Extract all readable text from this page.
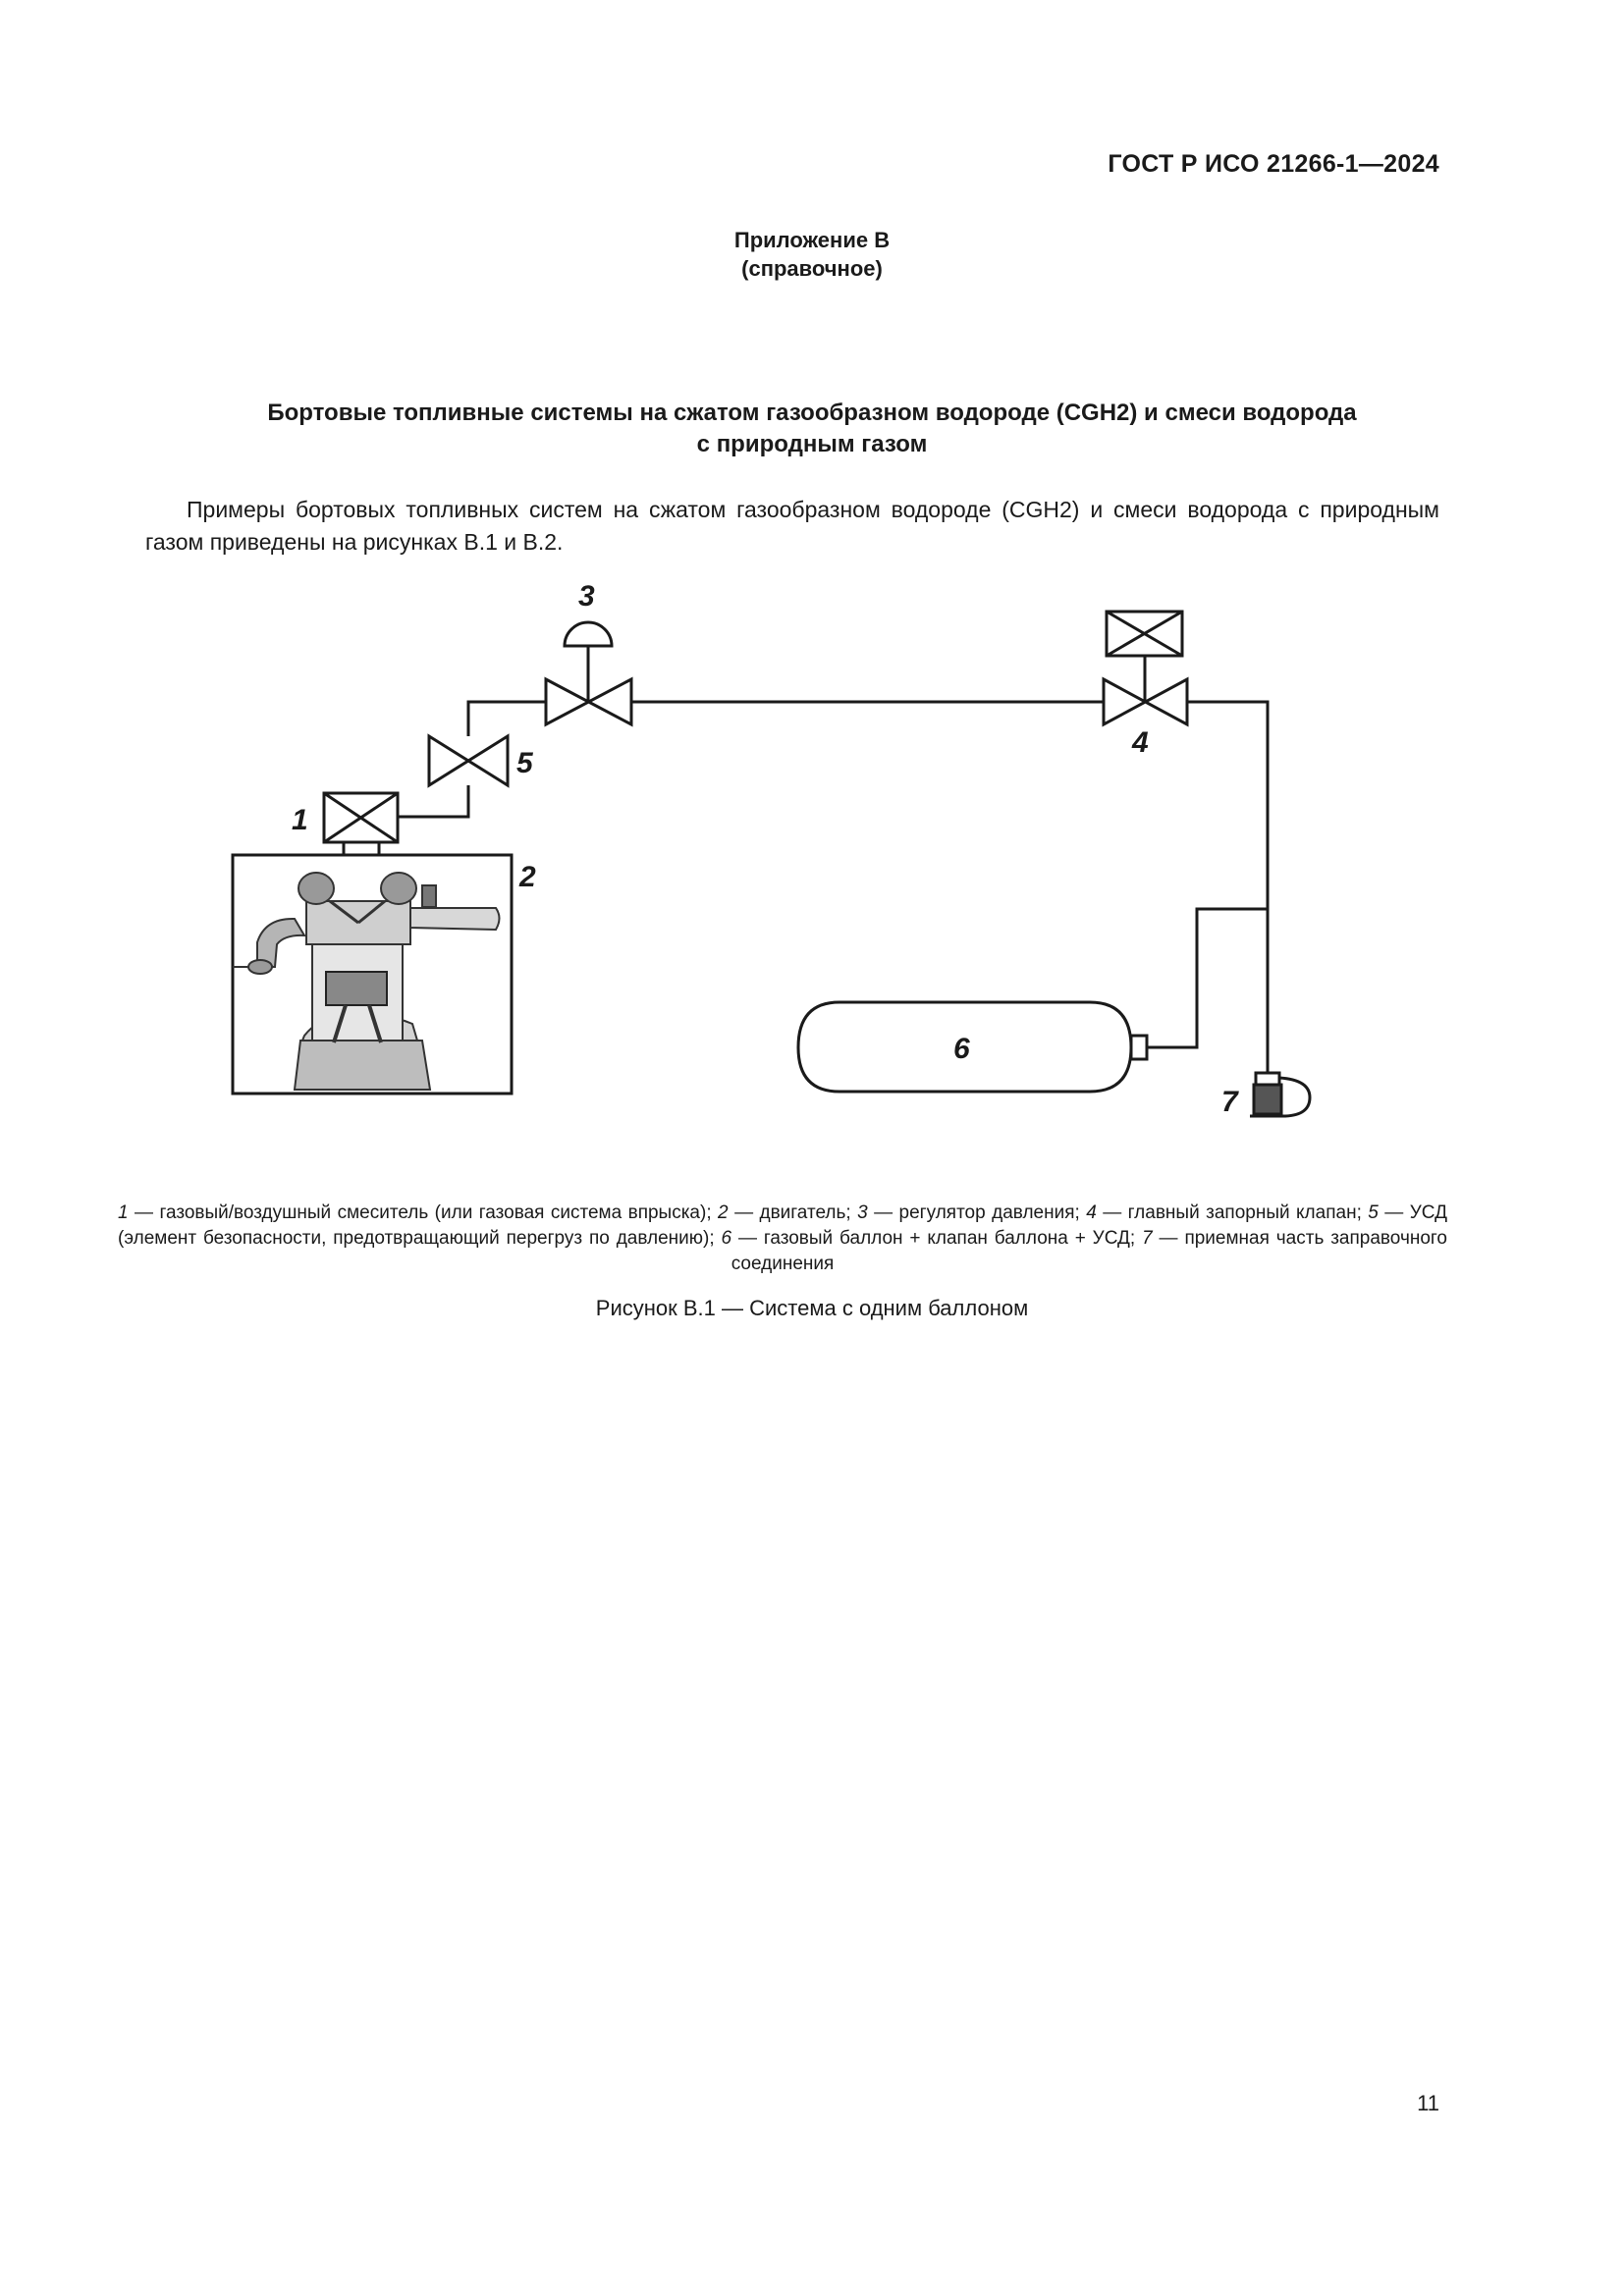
ГОСТ Р ИСО 21266-1—2024
Приложение В
(справочное)
Бортовые топливные системы на сжатом газообразном водороде (CGH2) и смеси водорода
с природным газом
Примеры бортовых топливных систем на сжатом газообразном водороде (CGH2) и смеси водорода с природным газом приведены на рисунках В.1 и В.2.
1
2
3
4
5
6
7
1 — газовый/воздушный смеситель (или газовая система впрыска); 2 — двигатель; 3 — регулятор давления; 4 — главный запорный клапан; 5 — УСД (элемент безопасности, предотвращающий перегруз по давлению); 6 — газовый баллон + клапан баллона + УСД; 7 — приемная часть заправочного соединения
Рисунок В.1 — Система с одним баллоном
11
